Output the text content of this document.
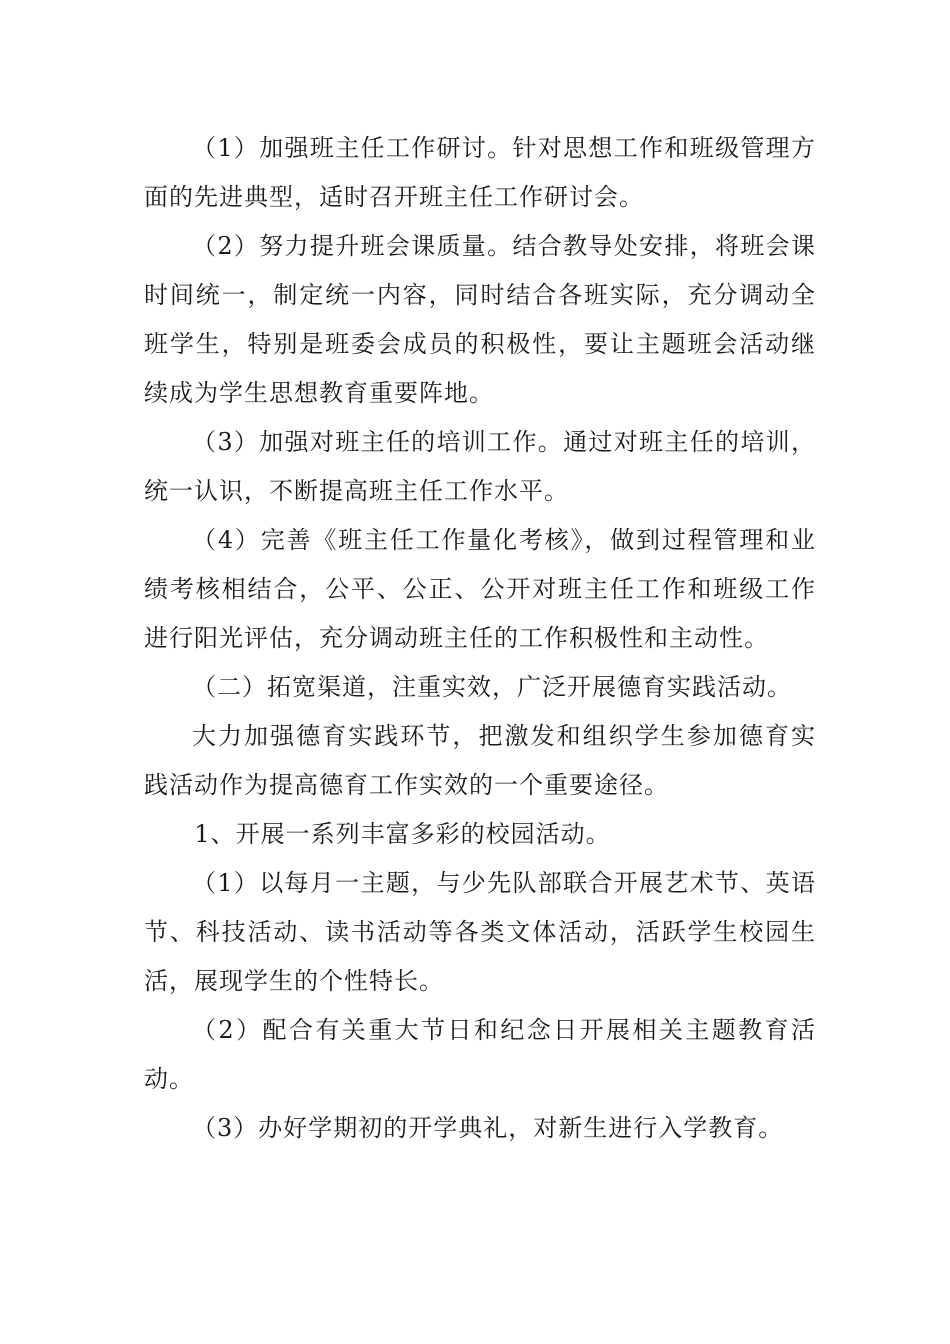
（1）加强班主任工作研讨。针对思想工作和班级管理方面的先进典型，适时召开班主任工作研讨会。

（2）努力提升班会课质量。结合教导处安排，将班会课时间统一，制定统一内容，同时结合各班实际，充分调动全班学生，特别是班委会成员的积极性，要让主题班会活动继续成为学生思想教育重要阵地。

（3）加强对班主任的培训工作。通过对班主任的培训，统一认识，不断提高班主任工作水平。

（4）完善《班主任工作量化考核》，做到过程管理和业绩考核相结合，公平、公正、公开对班主任工作和班级工作进行阳光评估，充分调动班主任的工作积极性和主动性。

（二）拓宽渠道，注重实效，广泛开展德育实践活动。

大力加强德育实践环节，把激发和组织学生参加德育实践活动作为提高德育工作实效的一个重要途径。

1、开展一系列丰富多彩的校园活动。

（1）以每月一主题，与少先队部联合开展艺术节、英语节、科技活动、读书活动等各类文体活动，活跃学生校园生活，展现学生的个性特长。

（2）配合有关重大节日和纪念日开展相关主题教育活动。

（3）办好学期初的开学典礼，对新生进行入学教育。
